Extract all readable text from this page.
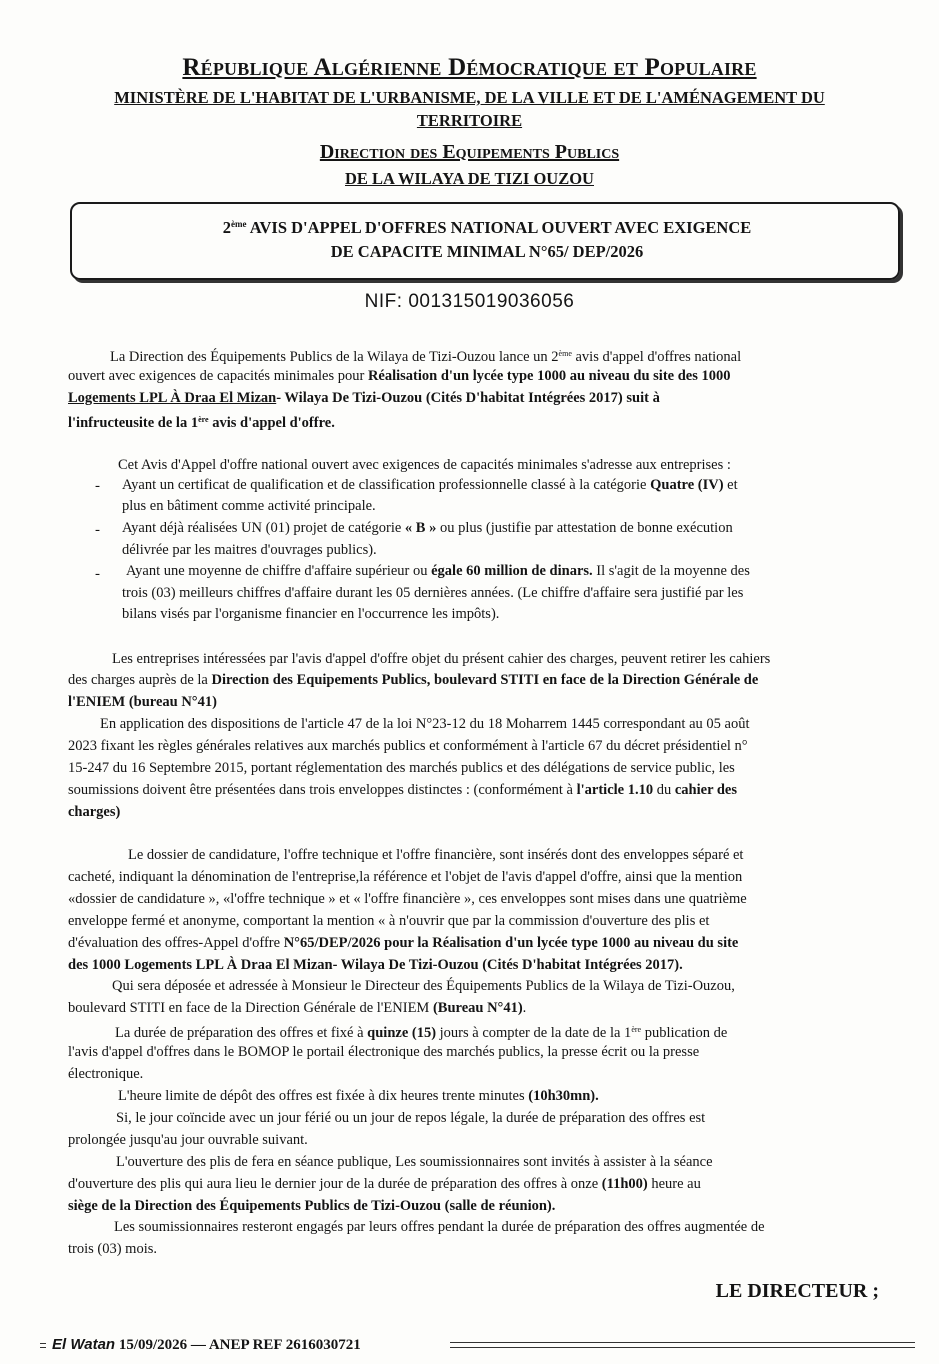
République Algérienne Démocratique et Populaire
MINISTÈRE DE L'HABITAT DE L'URBANISME, DE LA VILLE ET DE L'AMÉNAGEMENT DU
TERRITOIRE
Direction des Equipements Publics
DE LA WILAYA DE TIZI OUZOU
2ème AVIS D'APPEL D'OFFRES NATIONAL OUVERT AVEC EXIGENCE
DE CAPACITE MINIMAL N°65/ DEP/2026
NIF: 001315019036056
La Direction des Équipements Publics de la Wilaya de Tizi-Ouzou lance un 2ème avis d'appel d'offres national
ouvert avec exigences de capacités minimales pour Réalisation d'un lycée type 1000 au niveau du site des 1000
Logements LPL À Draa El Mizan- Wilaya De Tizi-Ouzou (Cités D'habitat Intégrées 2017) suit à
l'infructeusite de la 1ère avis d'appel d'offre.
Cet Avis d'Appel d'offre national ouvert avec exigences de capacités minimales s'adresse aux entreprises :
- Ayant un certificat de qualification et de classification professionnelle classé à la catégorie Quatre (IV) et
plus en bâtiment comme activité principale.
- Ayant déjà réalisées UN (01) projet de catégorie « B » ou plus (justifie par attestation de bonne exécution
délivrée par les maitres d'ouvrages publics).
- Ayant une moyenne de chiffre d'affaire supérieur ou égale 60 million de dinars. Il s'agit de la moyenne des
trois (03) meilleurs chiffres d'affaire durant les 05 dernières années. (Le chiffre d'affaire sera justifié par les
bilans visés par l'organisme financier en l'occurrence les impôts).
Les entreprises intéressées par l'avis d'appel d'offre objet du présent cahier des charges, peuvent retirer les cahiers
des charges auprès de la Direction des Equipements Publics, boulevard STITI en face de la Direction Générale de
l'ENIEM (bureau N°41)
En application des dispositions de l'article 47 de la loi N°23-12 du 18 Moharrem 1445 correspondant au 05 août
2023 fixant les règles générales relatives aux marchés publics et conformément à l'article 67 du décret présidentiel n°
15-247 du 16 Septembre 2015, portant réglementation des marchés publics et des délégations de service public, les
soumissions doivent être présentées dans trois enveloppes distinctes : (conformément à l'article 1.10 du cahier des
charges)
Le dossier de candidature, l'offre technique et l'offre financière, sont insérés dont des enveloppes séparé et
cacheté, indiquant la dénomination de l'entreprise,la référence et l'objet de l'avis d'appel d'offre, ainsi que la mention
«dossier de candidature », «l'offre technique » et « l'offre financière », ces enveloppes sont mises dans une quatrième
enveloppe fermé et anonyme, comportant la mention « à n'ouvrir que par la commission d'ouverture des plis et
d'évaluation des offres-Appel d'offre N°65/DEP/2026 pour la Réalisation d'un lycée type 1000 au niveau du site
des 1000 Logements LPL À Draa El Mizan- Wilaya De Tizi-Ouzou (Cités D'habitat Intégrées 2017).
Qui sera déposée et adressée à Monsieur le Directeur des Équipements Publics de la Wilaya de Tizi-Ouzou,
boulevard STITI en face de la Direction Générale de l'ENIEM (Bureau N°41).
La durée de préparation des offres et fixé à quinze (15) jours à compter de la date de la 1ère publication de
l'avis d'appel d'offres dans le BOMOP le portail électronique des marchés publics, la presse écrit ou la presse
électronique.
L'heure limite de dépôt des offres est fixée à dix heures trente minutes (10h30mn).
Si, le jour coïncide avec un jour férié ou un jour de repos légale, la durée de préparation des offres est
prolongée jusqu'au jour ouvrable suivant.
L'ouverture des plis de fera en séance publique, Les soumissionnaires sont invités à assister à la séance
d'ouverture des plis qui aura lieu le dernier jour de la durée de préparation des offres à onze (11h00) heure au
siège de la Direction des Équipements Publics de Tizi-Ouzou (salle de réunion).
Les soumissionnaires resteront engagés par leurs offres pendant la durée de préparation des offres augmentée de
trois (03) mois.
LE DIRECTEUR ;
El Watan 15/09/2026 — ANEP REF 2616030721
